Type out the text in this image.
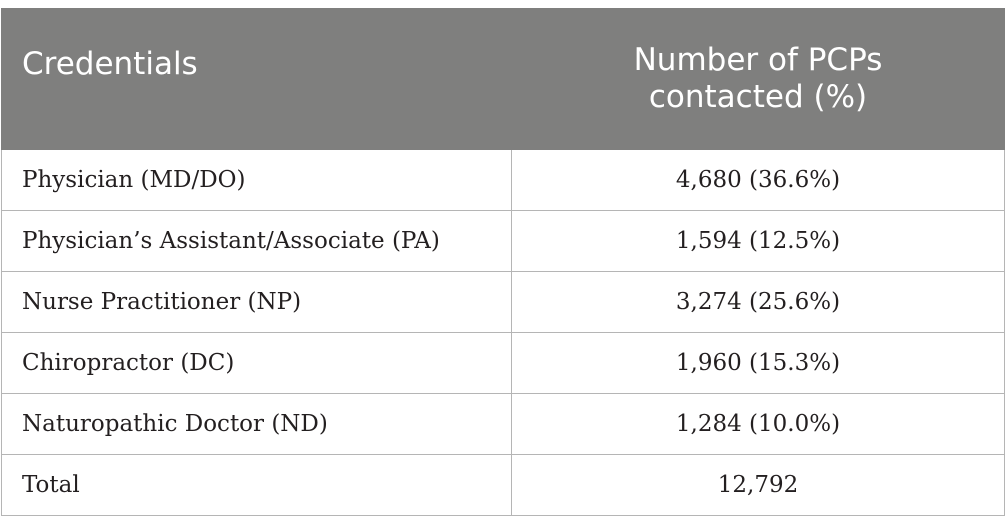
Credentials	Number of PCPs
contacted (%)

Physician (MD/DO)	4,680 (36.6%)
Physician’s Assistant/Associate (PA)	1,594 (12.5%)
Nurse Practitioner (NP)	3,274 (25.6%)
Chiropractor (DC)	1,960 (15.3%)
Naturopathic Doctor (ND)	1,284 (10.0%)
Total	12,792
